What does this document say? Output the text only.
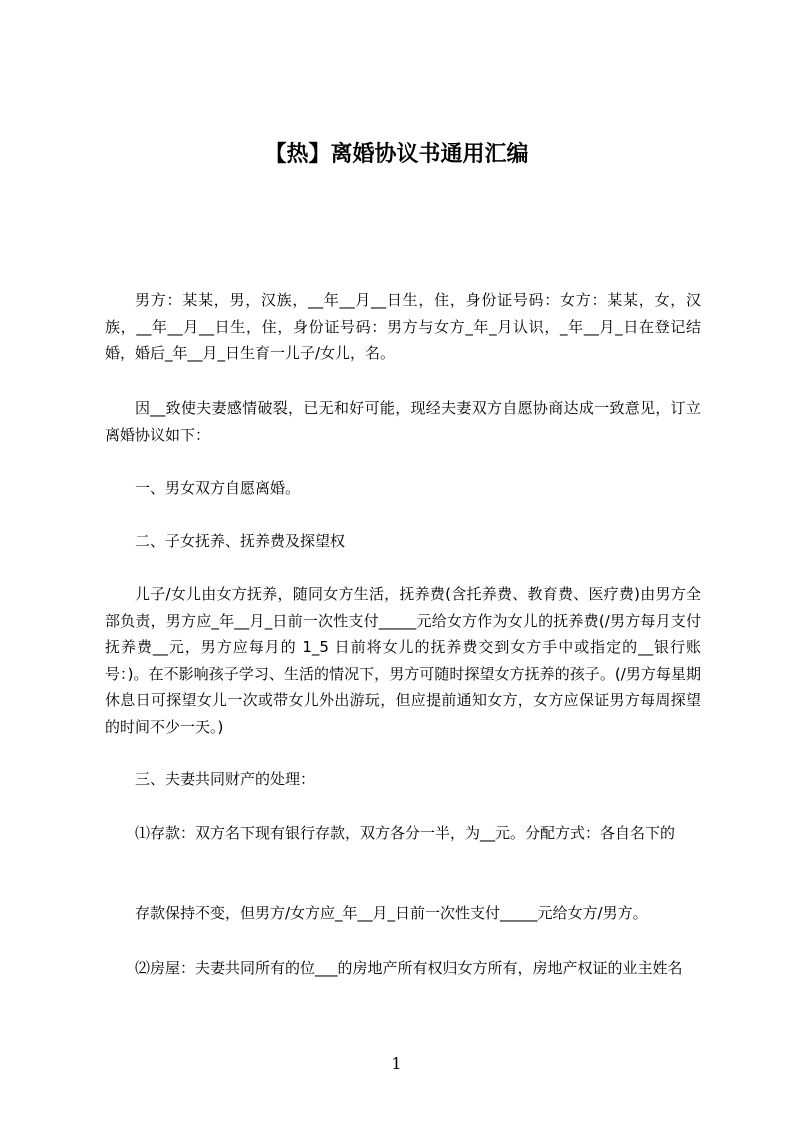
【热】离婚协议书通用汇编
男方：某某，男，汉族，__年__月__日生，住，身份证号码：女方：某某，女，汉族，__年__月__日生，住，身份证号码：男方与女方_年_月认识，_年__月_日在登记结婚，婚后_年__月_日生育一儿子/女儿，名。
因__致使夫妻感情破裂，已无和好可能，现经夫妻双方自愿协商达成一致意见，订立离婚协议如下：
一、男女双方自愿离婚。
二、子女抚养、抚养费及探望权
儿子/女儿由女方抚养，随同女方生活，抚养费(含托养费、教育费、医疗费)由男方全部负责，男方应_年__月_日前一次性支付_____元给女方作为女儿的抚养费(/男方每月支付抚养费__元，男方应每月的 1_5 日前将女儿的抚养费交到女方手中或指定的__银行账号：)。在不影响孩子学习、生活的情况下，男方可随时探望女方抚养的孩子。(/男方每星期休息日可探望女儿一次或带女儿外出游玩，但应提前通知女方，女方应保证男方每周探望的时间不少一天。)
三、夫妻共同财产的处理：
⑴存款：双方名下现有银行存款，双方各分一半，为__元。分配方式：各自名下的
存款保持不变，但男方/女方应_年__月_日前一次性支付_____元给女方/男方。
⑵房屋：夫妻共同所有的位___的房地产所有权归女方所有，房地产权证的业主姓名
1
